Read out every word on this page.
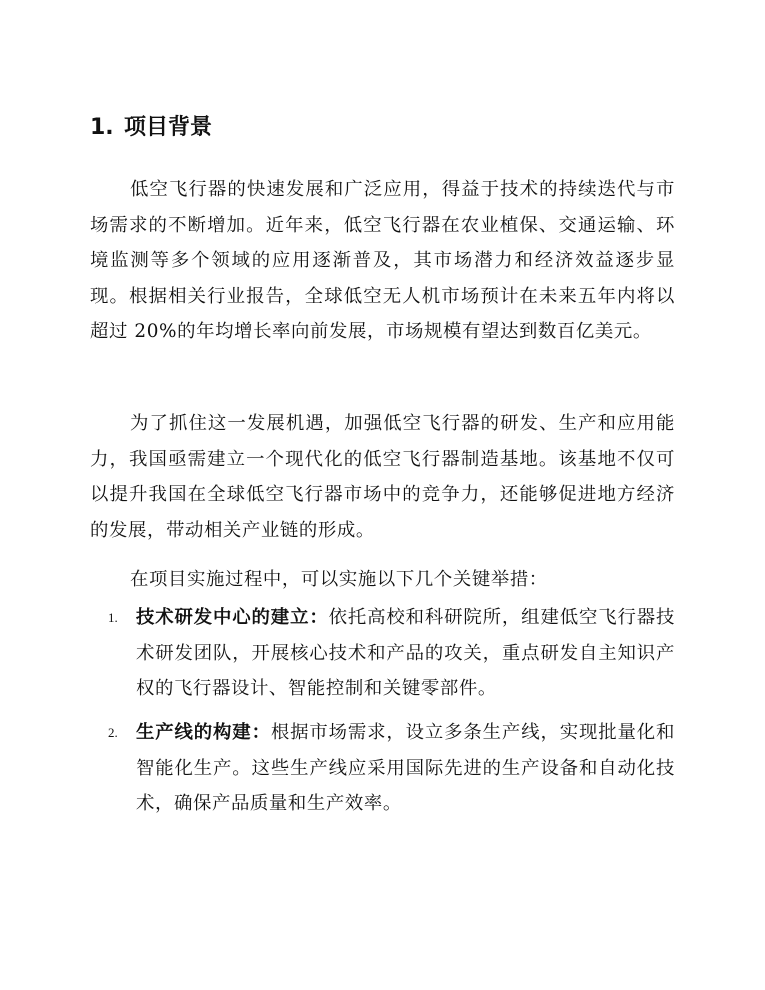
1. 项目背景

低空飞行器的快速发展和广泛应用，得益于技术的持续迭代与市场需求的不断增加。近年来，低空飞行器在农业植保、交通运输、环境监测等多个领域的应用逐渐普及，其市场潜力和经济效益逐步显现。根据相关行业报告，全球低空无人机市场预计在未来五年内将以超过 20%的年均增长率向前发展，市场规模有望达到数百亿美元。

为了抓住这一发展机遇，加强低空飞行器的研发、生产和应用能力，我国亟需建立一个现代化的低空飞行器制造基地。该基地不仅可以提升我国在全球低空飞行器市场中的竞争力，还能够促进地方经济的发展，带动相关产业链的形成。

在项目实施过程中，可以实施以下几个关键举措：

1. 技术研发中心的建立：依托高校和科研院所，组建低空飞行器技术研发团队，开展核心技术和产品的攻关，重点研发自主知识产权的飞行器设计、智能控制和关键零部件。
2. 生产线的构建：根据市场需求，设立多条生产线，实现批量化和智能化生产。这些生产线应采用国际先进的生产设备和自动化技术，确保产品质量和生产效率。
